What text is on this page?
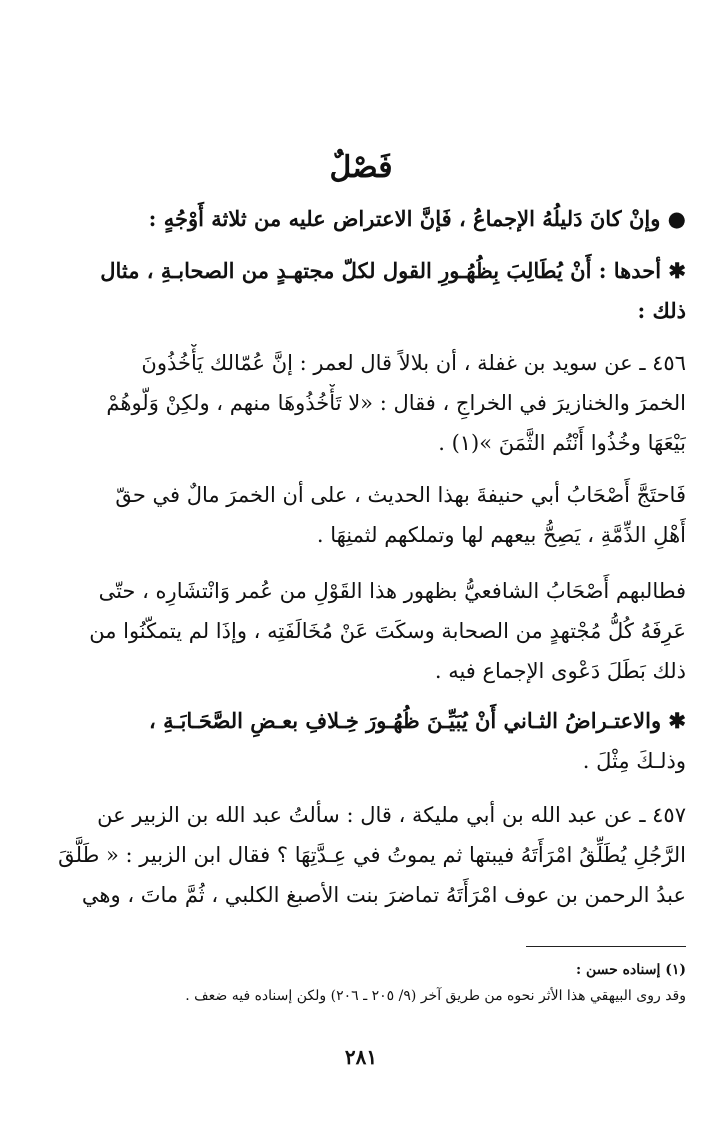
فَصْلٌ
● وإنْ كانَ دَليلُهُ الإجماعُ ، فَإنَّ الاعتراض عليه من ثلاثة أَوْجُهٍ :
✱ أحدها : أَنْ يُطَالِبَ بِظُهُـورِ القول لكلّ مجتهـدٍ من الصحابـةِ ، مثال
ذلك :
٤٥٦ ـ عن سويد بن غفلة ، أن بلالاً قال لعمر : إنَّ عُمّالك يَأْخُذُونَ
الخمرَ والخنازيرَ في الخراجِ ، فقال : «لا تَأْخُذُوهَا منهم ، ولكِنْ وَلّوهُمْ
بَيْعَهَا وخُذُوا أَنْتُم الثَّمَنَ »(١) .
فَاحتَجَّ أَصْحَابُ أبي حنيفةَ بهذا الحديث ، على أن الخمرَ مالٌ في حقّ
أَهْلِ الذِّمَّةِ ، يَصِحُّ بيعهم لها وتملكهم لثمنِهَا .
فطالبهم أَصْحَابُ الشافعيُّ بظهور هذا القَوْلِ من عُمر وَانْتشَارِه ، حتّى
عَرِفَهُ كُلُّ مُجْتهدٍ من الصحابة وسكَتَ عَنْ مُخَالَفَتِه ، وإذَا لم يتمكّنُوا من
ذلك بَطَلَ دَعْوى الإجماع فيه .
✱ والاعتـراضُ الثـاني أَنْ يُبَيِّـنَ ظُهُـورَ خِـلافِ بعـضِ الصَّحَـابَـةِ ،
وذلـكَ مِثْلَ .
٤٥٧ ـ عن عبد الله بن أبي مليكة ، قال : سألتُ عبد الله بن الزبير عن
الرَّجُلِ يُطَلِّقُ امْرَأَتَهُ فيبتها ثم يموتُ في عِـدَّتِهَا ؟ فقال ابن الزبير : « طَلَّقَ
عبدُ الرحمن بن عوف امْرَأَتَهُ تماضرَ بنت الأصبغ الكلبي ، ثُمَّ ماتَ ، وهي
(١) إسناده حسن :
وقد روى البيهقي هذا الأثر نحوه من طريق آخر (٩/ ٢٠٥ ـ ٢٠٦) ولكن إسناده فيه ضعف .
٢٨١
